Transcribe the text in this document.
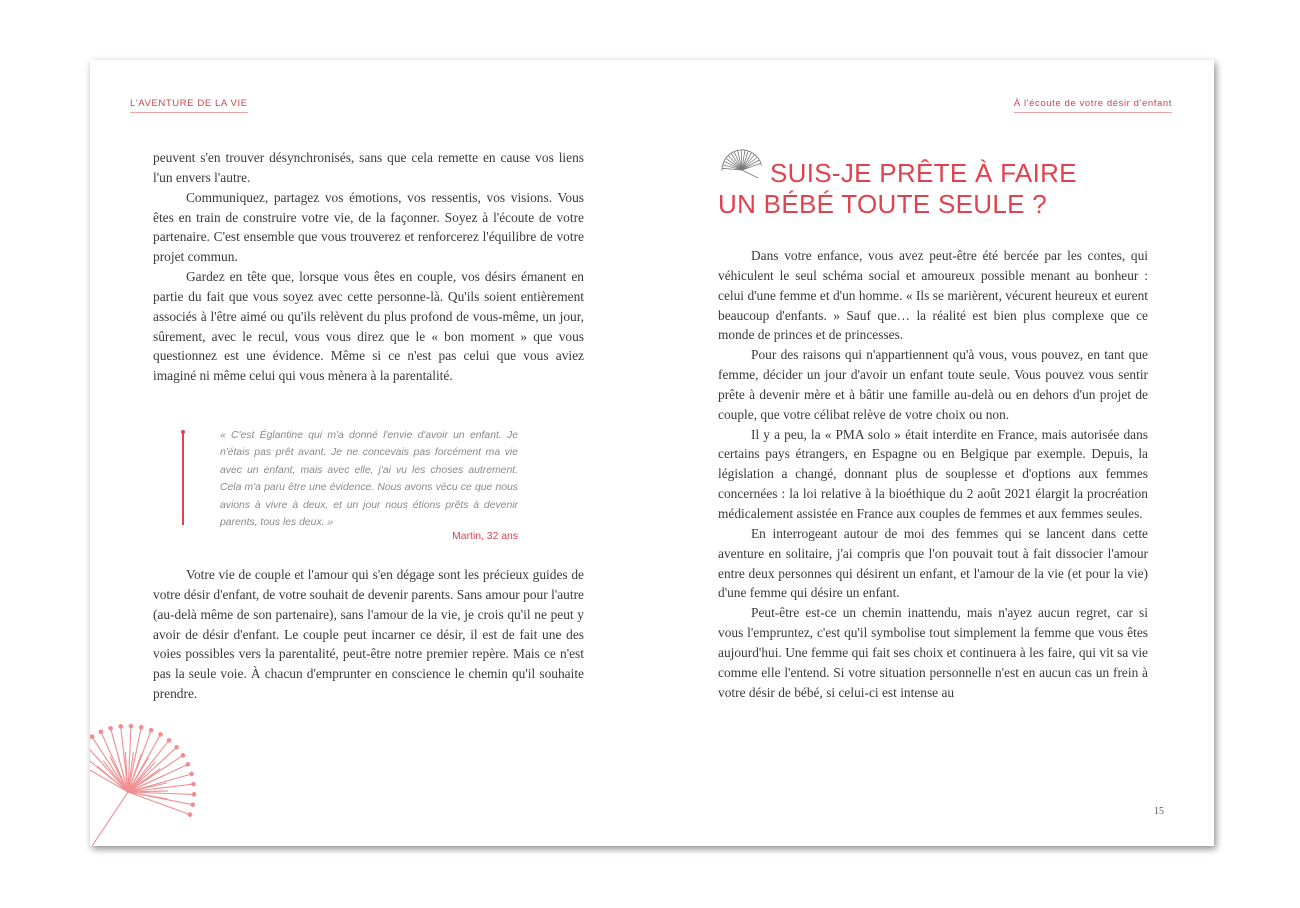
L'AVENTURE DE LA VIE

peuvent s'en trouver désynchronisés, sans que cela remette en cause vos liens l'un envers l'autre.

Communiquez, partagez vos émotions, vos ressentis, vos visions. Vous êtes en train de construire votre vie, de la façonner. Soyez à l'écoute de votre partenaire. C'est ensemble que vous trouverez et renforcerez l'équilibre de votre projet commun.

Gardez en tête que, lorsque vous êtes en couple, vos désirs émanent en partie du fait que vous soyez avec cette personne-là. Qu'ils soient entièrement associés à l'être aimé ou qu'ils relèvent du plus profond de vous-même, un jour, sûrement, avec le recul, vous vous direz que le « bon moment » que vous questionnez est une évidence. Même si ce n'est pas celui que vous aviez imaginé ni même celui qui vous mènera à la parentalité.

« C'est Églantine qui m'a donné l'envie d'avoir un enfant. Je n'étais pas prêt avant. Je ne concevais pas forcément ma vie avec un enfant, mais avec elle, j'ai vu les choses autrement. Cela m'a paru être une évidence. Nous avons vécu ce que nous avions à vivre à deux, et un jour nous étions prêts à devenir parents, tous les deux. »
Martin, 32 ans

Votre vie de couple et l'amour qui s'en dégage sont les précieux guides de votre désir d'enfant, de votre souhait de devenir parents. Sans amour pour l'autre (au-delà même de son partenaire), sans l'amour de la vie, je crois qu'il ne peut y avoir de désir d'enfant. Le couple peut incarner ce désir, il est de fait une des voies possibles vers la parentalité, peut-être notre premier repère. Mais ce n'est pas la seule voie. À chacun d'emprunter en conscience le chemin qu'il souhaite prendre.

À l'écoute de votre désir d'enfant
SUIS-JE PRÊTE À FAIRE
UN BÉBÉ TOUTE SEULE ?

Dans votre enfance, vous avez peut-être été bercée par les contes, qui véhiculent le seul schéma social et amoureux possible menant au bonheur : celui d'une femme et d'un homme. « Ils se marièrent, vécurent heureux et eurent beaucoup d'enfants. » Sauf que… la réalité est bien plus complexe que ce monde de princes et de princesses.

Pour des raisons qui n'appartiennent qu'à vous, vous pouvez, en tant que femme, décider un jour d'avoir un enfant toute seule. Vous pouvez vous sentir prête à devenir mère et à bâtir une famille au-delà ou en dehors d'un projet de couple, que votre célibat relève de votre choix ou non.

Il y a peu, la « PMA solo » était interdite en France, mais autorisée dans certains pays étrangers, en Espagne ou en Belgique par exemple. Depuis, la législation a changé, donnant plus de souplesse et d'options aux femmes concernées : la loi relative à la bioéthique du 2 août 2021 élargit la procréation médicalement assistée en France aux couples de femmes et aux femmes seules.

En interrogeant autour de moi des femmes qui se lancent dans cette aventure en solitaire, j'ai compris que l'on pouvait tout à fait dissocier l'amour entre deux personnes qui désirent un enfant, et l'amour de la vie (et pour la vie) d'une femme qui désire un enfant.

Peut-être est-ce un chemin inattendu, mais n'ayez aucun regret, car si vous l'empruntez, c'est qu'il symbolise tout simplement la femme que vous êtes aujourd'hui. Une femme qui fait ses choix et continuera à les faire, qui vit sa vie comme elle l'entend. Si votre situation personnelle n'est en aucun cas un frein à votre désir de bébé, si celui-ci est intense au

15
